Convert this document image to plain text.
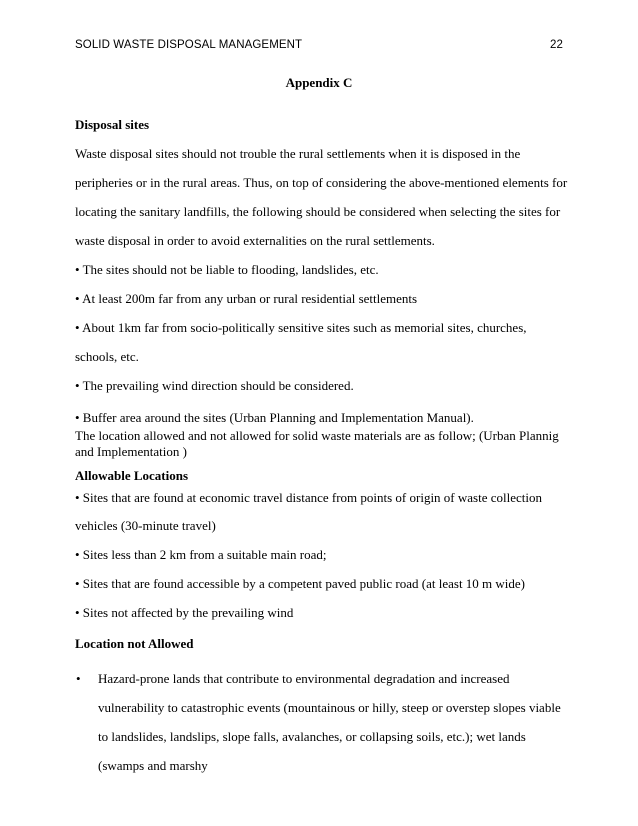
SOLID WASTE DISPOSAL MANAGEMENT	22
Appendix C
Disposal sites
Waste disposal sites should not trouble the rural settlements when it is disposed in the
peripheries or in the rural areas. Thus, on top of considering the above-mentioned elements for
locating the sanitary landfills, the following should be considered when selecting the sites for
waste disposal in order to avoid externalities on the rural settlements.
• The sites should not be liable to flooding, landslides, etc.
• At least 200m far from any urban or rural residential settlements
• About 1km far from socio-politically sensitive sites such as memorial sites, churches,
schools, etc.
• The prevailing wind direction should be considered.
• Buffer area around the sites (Urban Planning and Implementation Manual).
The location allowed and not allowed for solid waste materials are as follow; (Urban Plannig and Implementation )
Allowable Locations
• Sites that are found at economic travel distance from points of origin of waste collection
vehicles (30-minute travel)
• Sites less than 2 km from a suitable main road;
• Sites that are found accessible by a competent paved public road (at least 10 m wide)
• Sites not affected by the prevailing wind
Location not Allowed
• Hazard-prone lands that contribute to environmental degradation and increased vulnerability to catastrophic events (mountainous or hilly, steep or overstep slopes viable to landslides, landslips, slope falls, avalanches, or collapsing soils, etc.); wet lands (swamps and marshy
